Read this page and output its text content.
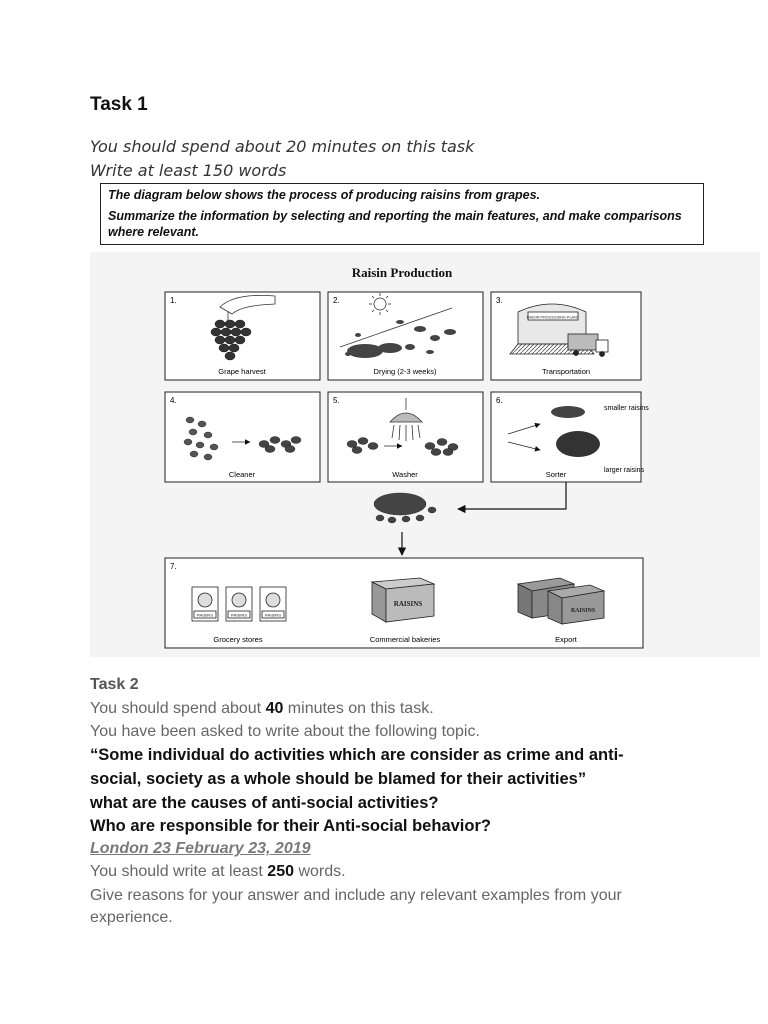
Task 1
You should spend about 20 minutes on this task
Write at least 150 words

The diagram below shows the process of producing raisins from grapes.

Summarize the information by selecting and reporting the main features, and make comparisons where relevant.

Raisin Production
1.
Grape harvest
2.
Drying (2-3 weeks)
3.
RAISIN PROCESSING PLANT
Transportation
4.
Cleaner
5.
Washer
6.
smaller raisins
larger raisins
Sorter
7.
RAISINS	RAISINS	RAISINS
Grocery stores
RAISINS
Commercial bakeries
RAISINS
Export
Task 2
You should spend about 40 minutes on this task.
You have been asked to write about the following topic.
“Some individual do activities which are consider as crime and anti-
social, society as a whole should be blamed for their activities”
what are the causes of anti-social activities?
Who are responsible for their Anti-social behavior?
London 23 February 23, 2019
You should write at least 250 words.
Give reasons for your answer and include any relevant examples from your
experience.
